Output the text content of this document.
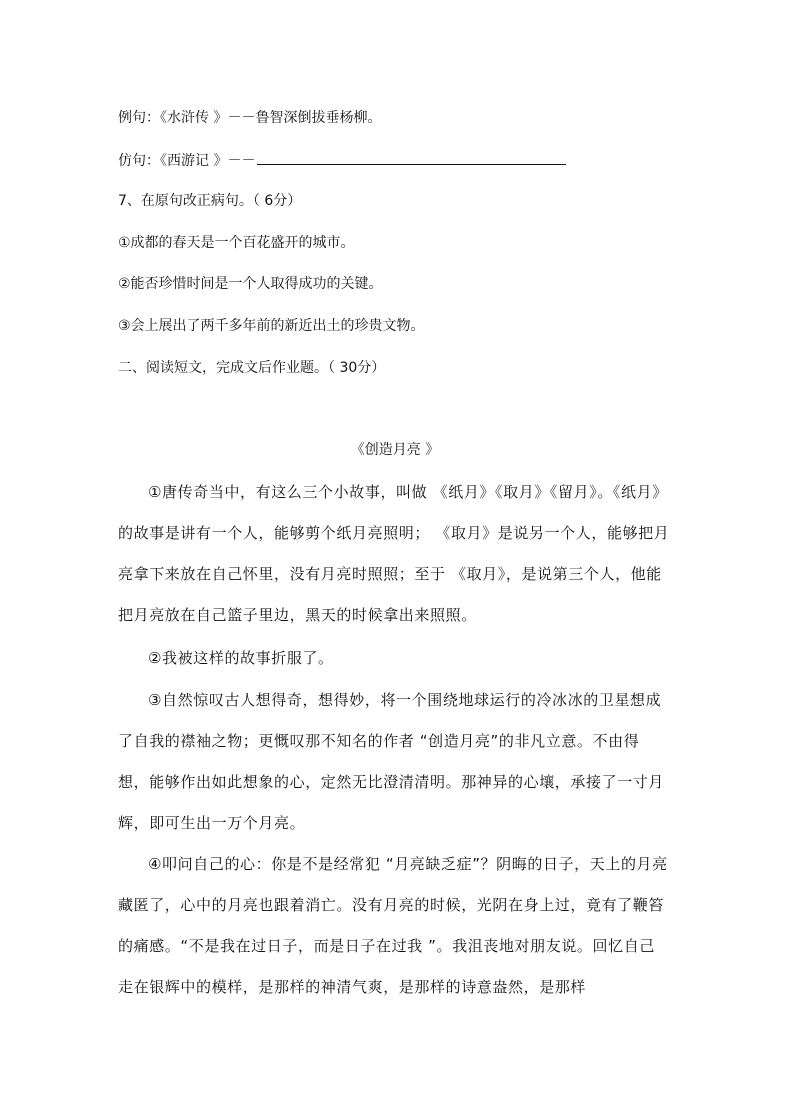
例句：《水浒传 》－－鲁智深倒拔垂杨柳。
仿句：《西游记 》－－
7、在原句改正病句。（ 6分）
①成都的春天是一个百花盛开的城市。
②能否珍惜时间是一个人取得成功的关键。
③会上展出了两千多年前的新近出土的珍贵文物。
二、阅读短文，完成文后作业题。（ 30分）
《创造月亮 》
①唐传奇当中，有这么三个小故事，叫做 《纸月》《取月》《留月》。《纸月》的故事是讲有一个人，能够剪个纸月亮照明； 《取月》是说另一个人，能够把月亮拿下来放在自己怀里，没有月亮时照照；至于 《取月》，是说第三个人，他能把月亮放在自己篮子里边，黑天的时候拿出来照照。
②我被这样的故事折服了。
③自然惊叹古人想得奇，想得妙，将一个围绕地球运行的冷冰冰的卫星想成了自我的襟袖之物；更慨叹那不知名的作者 “创造月亮”的非凡立意。不由得想，能够作出如此想象的心，定然无比澄清清明。那神异的心壤，承接了一寸月辉，即可生出一万个月亮。
④叩问自己的心：你是不是经常犯 “月亮缺乏症”？阴晦的日子，天上的月亮藏匿了，心中的月亮也跟着消亡。没有月亮的时候，光阴在身上过，竟有了鞭笞的痛感。“不是我在过日子，而是日子在过我 ”。我沮丧地对朋友说。回忆自己走在银辉中的模样，是那样的神清气爽，是那样的诗意盎然，是那样
